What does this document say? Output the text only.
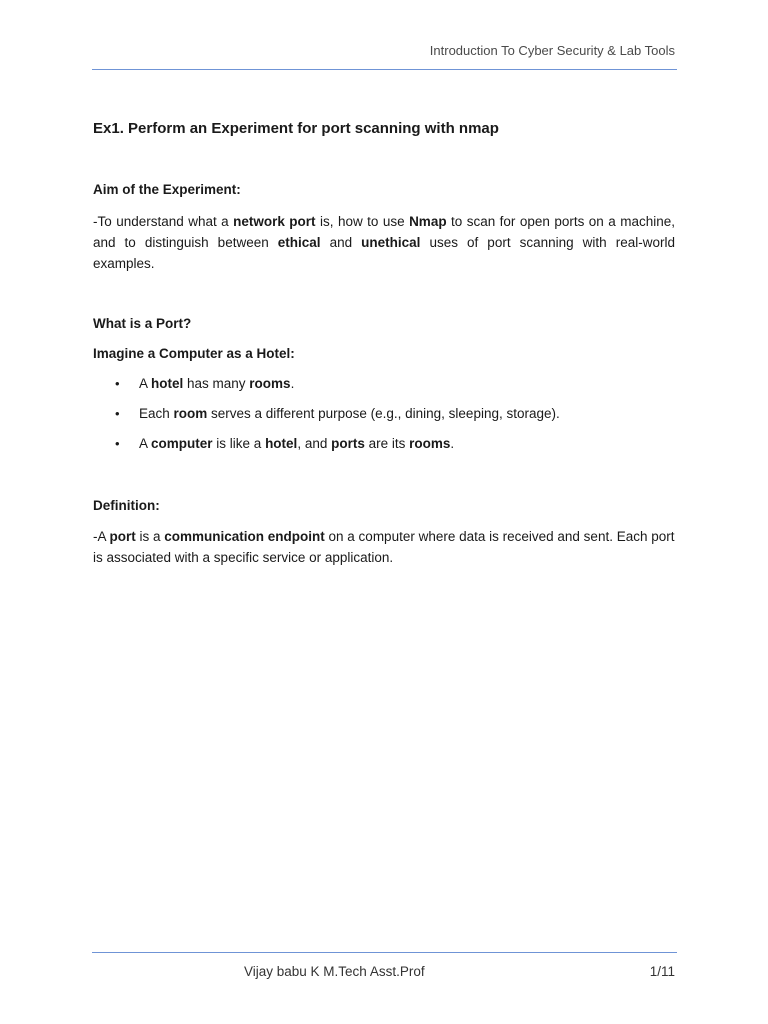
Introduction To Cyber Security & Lab Tools
Ex1. Perform an Experiment for port scanning with nmap
Aim of the Experiment:

-To understand what a network port is, how to use Nmap to scan for open ports on a machine, and to distinguish between ethical and unethical uses of port scanning with real-world examples.

What is a Port?
Imagine a Computer as a Hotel:
• A hotel has many rooms.
• Each room serves a different purpose (e.g., dining, sleeping, storage).
• A computer is like a hotel, and ports are its rooms.
Definition:

-A port is a communication endpoint on a computer where data is received and sent. Each port is associated with a specific service or application.

Vijay babu K M.Tech Asst.Prof	1/11
